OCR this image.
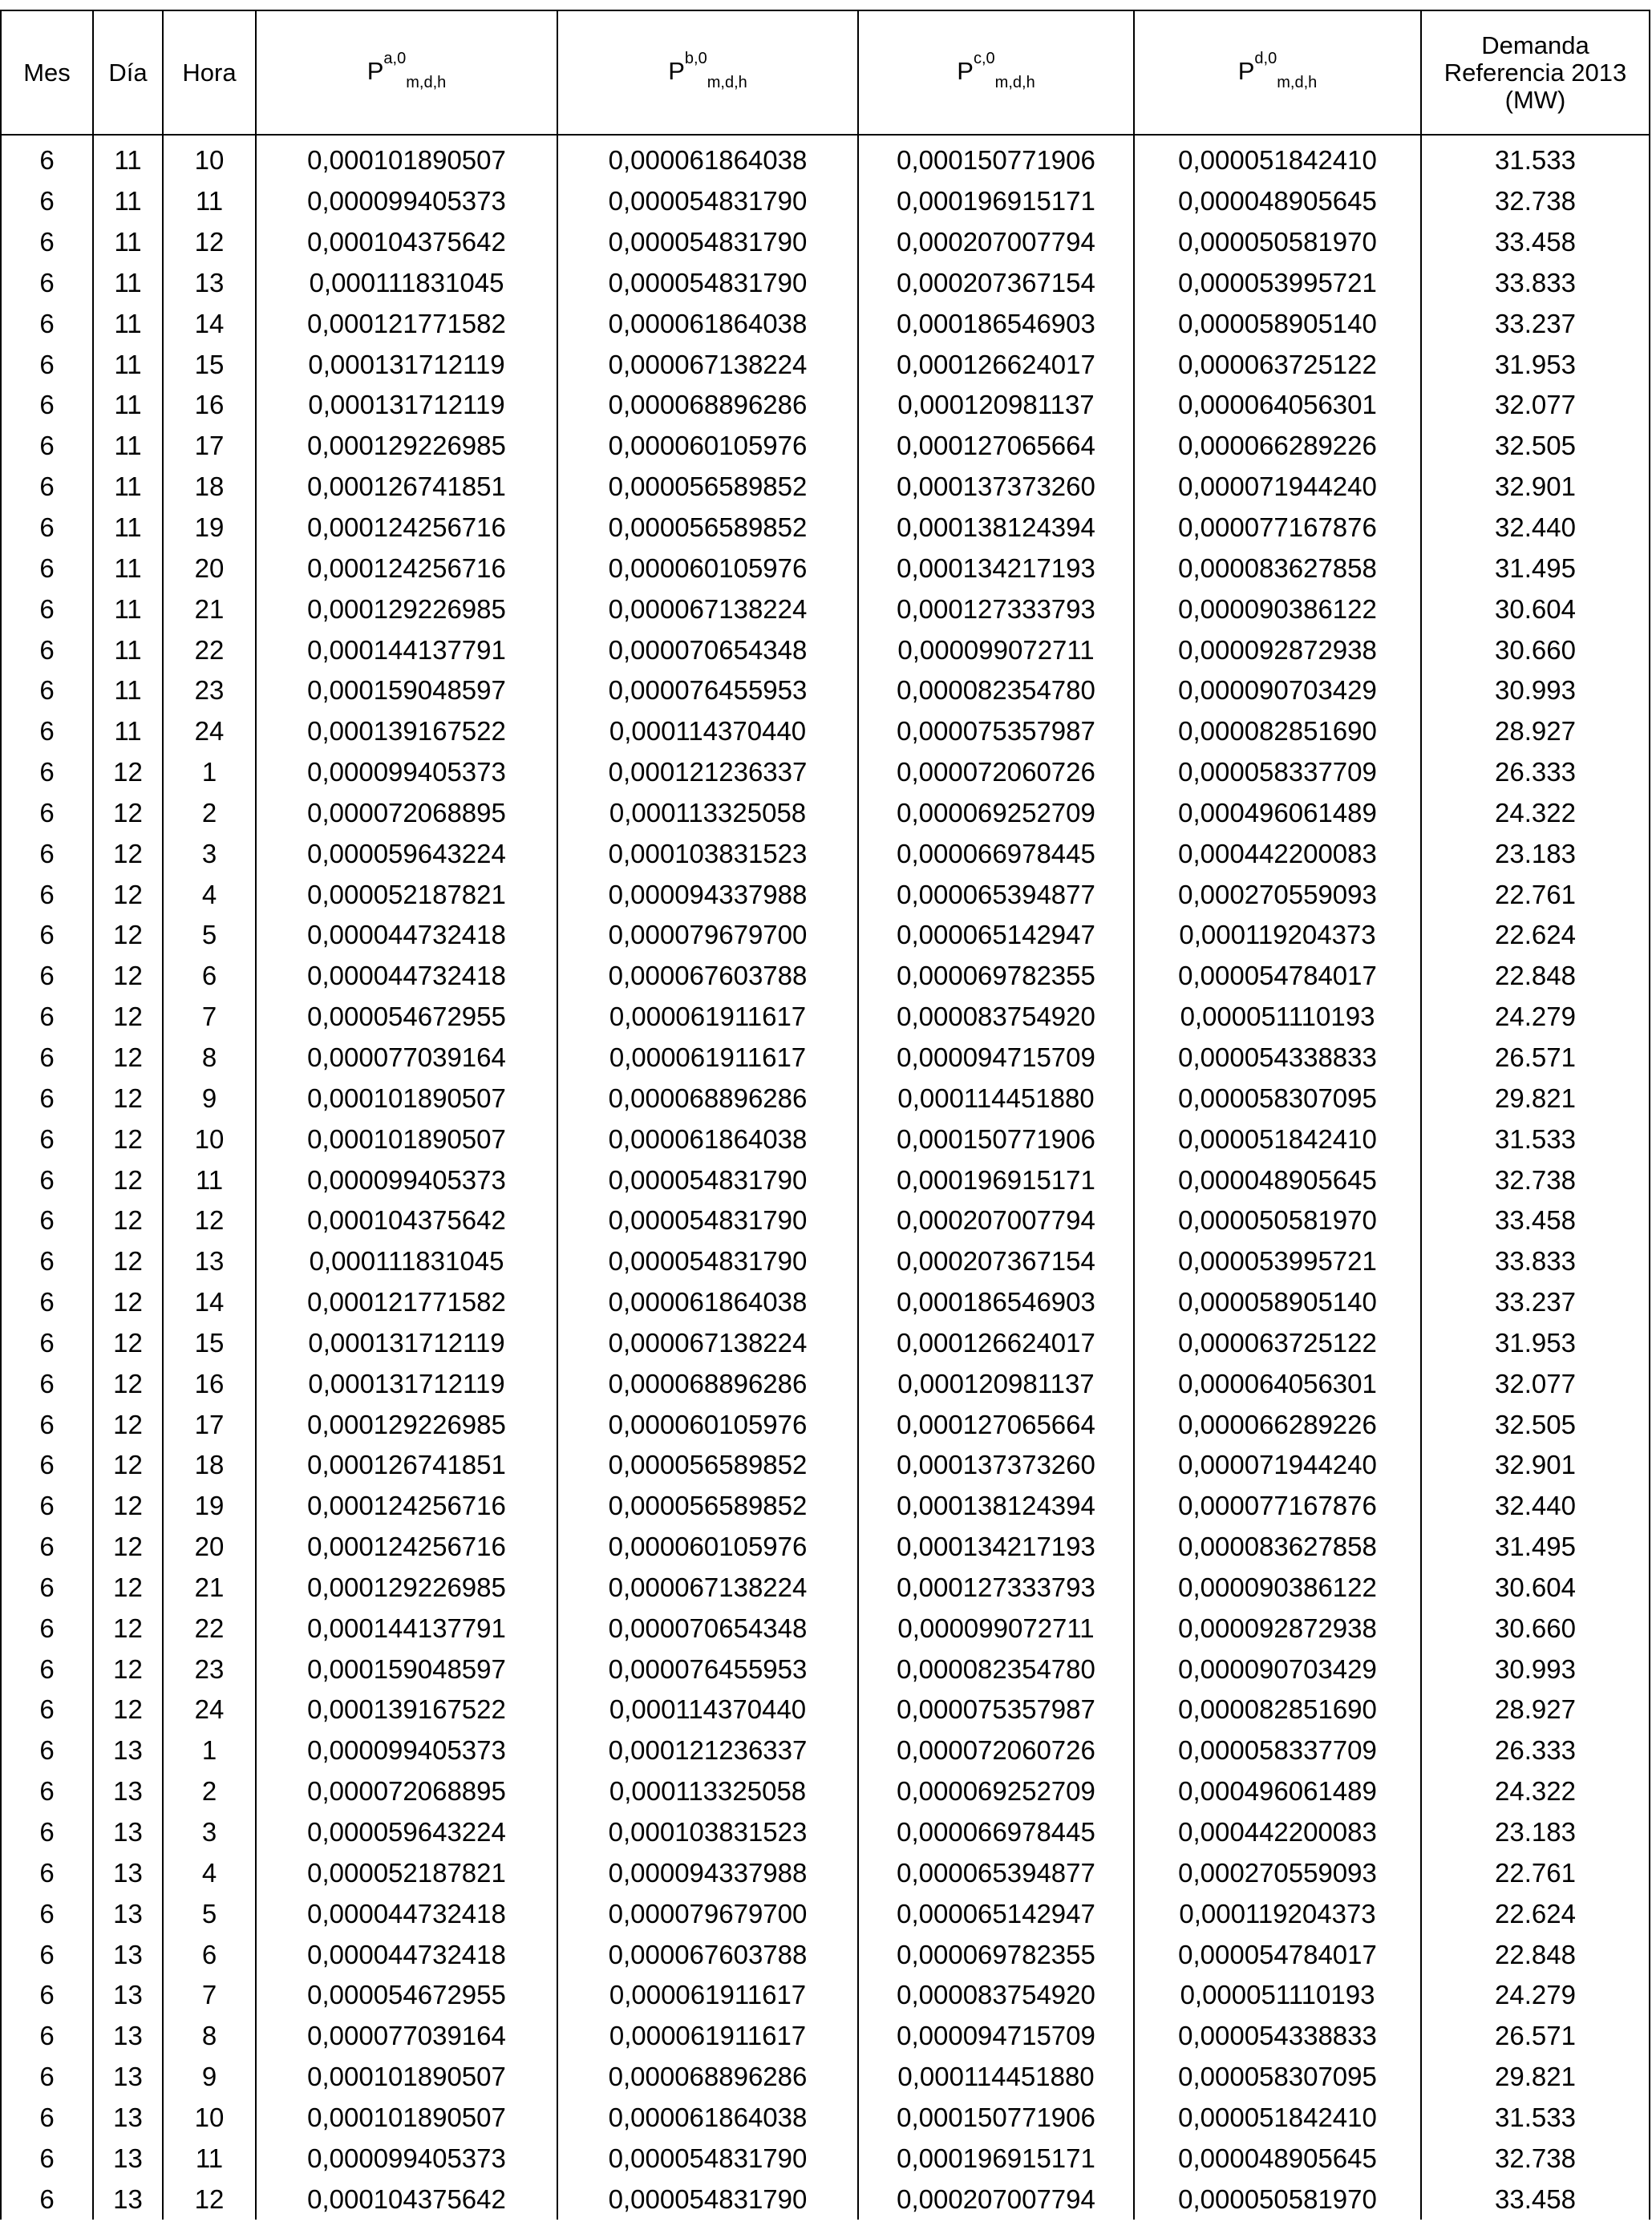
Mes	Día	Hora	P$^{a,0}_{m,d,h}$	P$^{b,0}_{m,d,h}$	P$^{c,0}_{m,d,h}$	P$^{d,0}_{m,d,h}$	Demanda
Referencia 2013
(MW)
6	11	10	0,000101890507	0,000061864038	0,000150771906	0,000051842410	31.533
6	11	11	0,000099405373	0,000054831790	0,000196915171	0,000048905645	32.738
6	11	12	0,000104375642	0,000054831790	0,000207007794	0,000050581970	33.458
6	11	13	0,000111831045	0,000054831790	0,000207367154	0,000053995721	33.833
6	11	14	0,000121771582	0,000061864038	0,000186546903	0,000058905140	33.237
6	11	15	0,000131712119	0,000067138224	0,000126624017	0,000063725122	31.953
6	11	16	0,000131712119	0,000068896286	0,000120981137	0,000064056301	32.077
6	11	17	0,000129226985	0,000060105976	0,000127065664	0,000066289226	32.505
6	11	18	0,000126741851	0,000056589852	0,000137373260	0,000071944240	32.901
6	11	19	0,000124256716	0,000056589852	0,000138124394	0,000077167876	32.440
6	11	20	0,000124256716	0,000060105976	0,000134217193	0,000083627858	31.495
6	11	21	0,000129226985	0,000067138224	0,000127333793	0,000090386122	30.604
6	11	22	0,000144137791	0,000070654348	0,000099072711	0,000092872938	30.660
6	11	23	0,000159048597	0,000076455953	0,000082354780	0,000090703429	30.993
6	11	24	0,000139167522	0,000114370440	0,000075357987	0,000082851690	28.927
6	12	1	0,000099405373	0,000121236337	0,000072060726	0,000058337709	26.333
6	12	2	0,000072068895	0,000113325058	0,000069252709	0,000496061489	24.322
6	12	3	0,000059643224	0,000103831523	0,000066978445	0,000442200083	23.183
6	12	4	0,000052187821	0,000094337988	0,000065394877	0,000270559093	22.761
6	12	5	0,000044732418	0,000079679700	0,000065142947	0,000119204373	22.624
6	12	6	0,000044732418	0,000067603788	0,000069782355	0,000054784017	22.848
6	12	7	0,000054672955	0,000061911617	0,000083754920	0,000051110193	24.279
6	12	8	0,000077039164	0,000061911617	0,000094715709	0,000054338833	26.571
6	12	9	0,000101890507	0,000068896286	0,000114451880	0,000058307095	29.821
6	12	10	0,000101890507	0,000061864038	0,000150771906	0,000051842410	31.533
6	12	11	0,000099405373	0,000054831790	0,000196915171	0,000048905645	32.738
6	12	12	0,000104375642	0,000054831790	0,000207007794	0,000050581970	33.458
6	12	13	0,000111831045	0,000054831790	0,000207367154	0,000053995721	33.833
6	12	14	0,000121771582	0,000061864038	0,000186546903	0,000058905140	33.237
6	12	15	0,000131712119	0,000067138224	0,000126624017	0,000063725122	31.953
6	12	16	0,000131712119	0,000068896286	0,000120981137	0,000064056301	32.077
6	12	17	0,000129226985	0,000060105976	0,000127065664	0,000066289226	32.505
6	12	18	0,000126741851	0,000056589852	0,000137373260	0,000071944240	32.901
6	12	19	0,000124256716	0,000056589852	0,000138124394	0,000077167876	32.440
6	12	20	0,000124256716	0,000060105976	0,000134217193	0,000083627858	31.495
6	12	21	0,000129226985	0,000067138224	0,000127333793	0,000090386122	30.604
6	12	22	0,000144137791	0,000070654348	0,000099072711	0,000092872938	30.660
6	12	23	0,000159048597	0,000076455953	0,000082354780	0,000090703429	30.993
6	12	24	0,000139167522	0,000114370440	0,000075357987	0,000082851690	28.927
6	13	1	0,000099405373	0,000121236337	0,000072060726	0,000058337709	26.333
6	13	2	0,000072068895	0,000113325058	0,000069252709	0,000496061489	24.322
6	13	3	0,000059643224	0,000103831523	0,000066978445	0,000442200083	23.183
6	13	4	0,000052187821	0,000094337988	0,000065394877	0,000270559093	22.761
6	13	5	0,000044732418	0,000079679700	0,000065142947	0,000119204373	22.624
6	13	6	0,000044732418	0,000067603788	0,000069782355	0,000054784017	22.848
6	13	7	0,000054672955	0,000061911617	0,000083754920	0,000051110193	24.279
6	13	8	0,000077039164	0,000061911617	0,000094715709	0,000054338833	26.571
6	13	9	0,000101890507	0,000068896286	0,000114451880	0,000058307095	29.821
6	13	10	0,000101890507	0,000061864038	0,000150771906	0,000051842410	31.533
6	13	11	0,000099405373	0,000054831790	0,000196915171	0,000048905645	32.738
6	13	12	0,000104375642	0,000054831790	0,000207007794	0,000050581970	33.458
